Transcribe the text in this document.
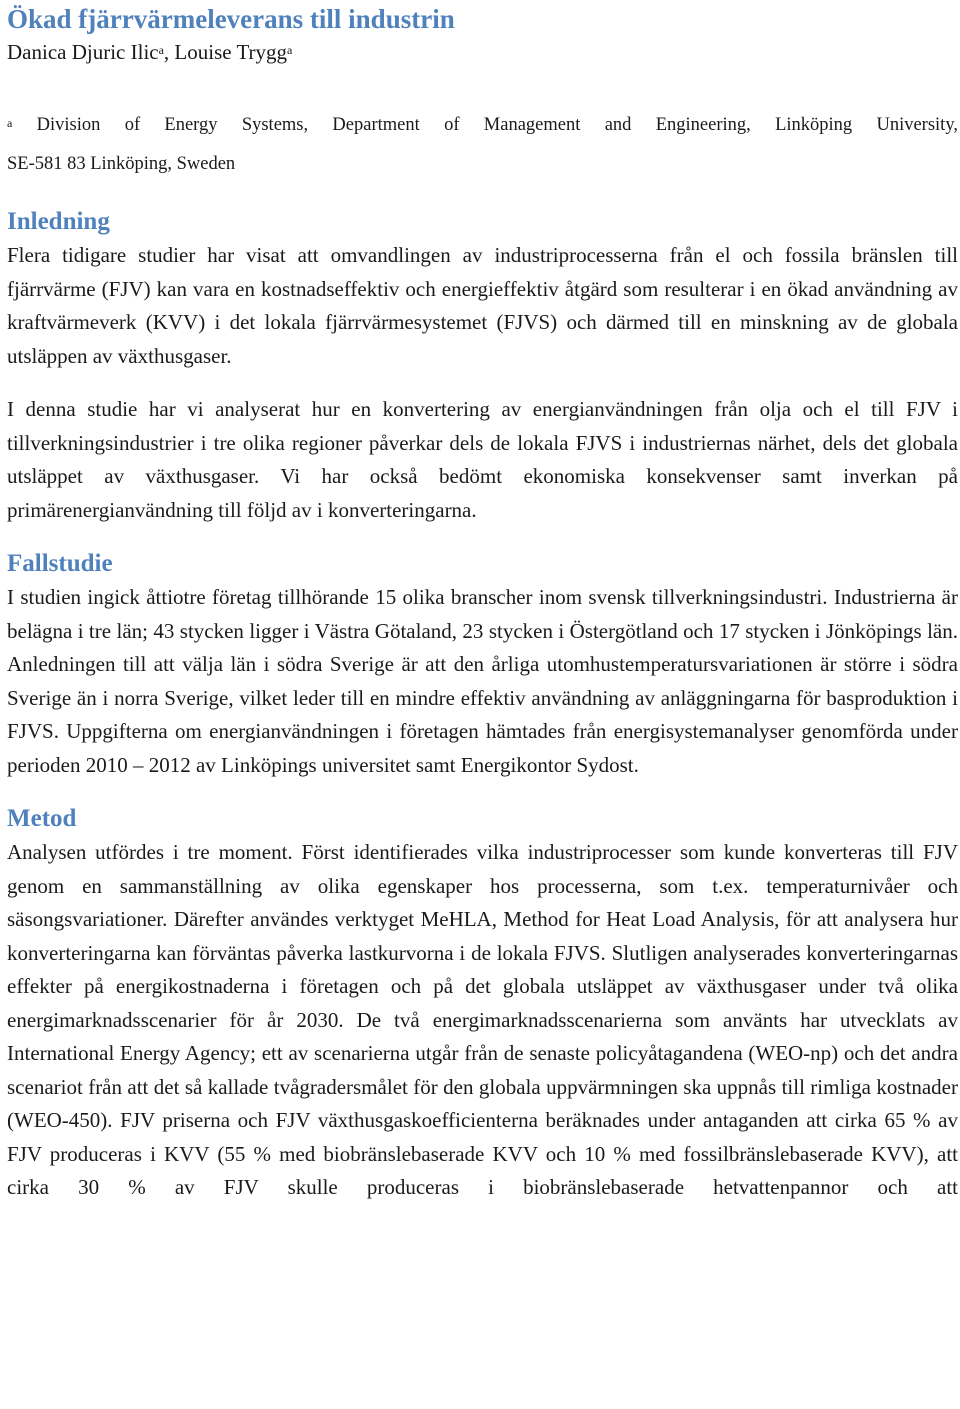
Ökad fjärrvärmeleverans till industrin

Danica Djuric Ilic$^a$, Louise Trygg$^a$

$^a$ Division of Energy Systems, Department of Management and Engineering, Linköping University,

SE-581 83 Linköping, Sweden

Inledning

Flera tidigare studier har visat att omvandlingen av industriprocesserna från el och fossila bränslen till fjärrvärme (FJV) kan vara en kostnadseffektiv och energieffektiv åtgärd som resulterar i en ökad användning av kraftvärmeverk (KVV) i det lokala fjärrvärmesystemet (FJVS) och därmed till en minskning av de globala utsläppen av växthusgaser.

I denna studie har vi analyserat hur en konvertering av energianvändningen från olja och el till FJV i tillverkningsindustrier i tre olika regioner påverkar dels de lokala FJVS i industriernas närhet, dels det globala utsläppet av växthusgaser. Vi har också bedömt ekonomiska konsekvenser samt inverkan på primärenergianvändning till följd av i konverteringarna.

Fallstudie

I studien ingick åttiotre företag tillhörande 15 olika branscher inom svensk tillverkningsindustri. Industrierna är belägna i tre län; 43 stycken ligger i Västra Götaland, 23 stycken i Östergötland och 17 stycken i Jönköpings län. Anledningen till att välja län i södra Sverige är att den årliga utomhustemperatursvariationen är större i södra Sverige än i norra Sverige, vilket leder till en mindre effektiv användning av anläggningarna för basproduktion i FJVS. Uppgifterna om energianvändningen i företagen hämtades från energisystemanalyser genomförda under perioden 2010 – 2012 av Linköpings universitet samt Energikontor Sydost.

Metod

Analysen utfördes i tre moment. Först identifierades vilka industriprocesser som kunde konverteras till FJV genom en sammanställning av olika egenskaper hos processerna, som t.ex. temperaturnivåer och säsongsvariationer. Därefter användes verktyget MeHLA, Method for Heat Load Analysis, för att analysera hur konverteringarna kan förväntas påverka lastkurvorna i de lokala FJVS. Slutligen analyserades konverteringarnas effekter på energikostnaderna i företagen och på det globala utsläppet av växthusgaser under två olika energimarknadsscenarier för år 2030. De två energimarknadsscenarierna som använts har utvecklats av International Energy Agency; ett av scenarierna utgår från de senaste policyåtagandena (WEO-np) och det andra scenariot från att det så kallade tvågradersmålet för den globala uppvärmningen ska uppnås till rimliga kostnader (WEO-450). FJV priserna och FJV växthusgaskoefficienterna beräknades under antaganden att cirka 65 % av FJV produceras i KVV (55 % med biobränslebaserade KVV och 10 % med fossilbränslebaserade KVV), att cirka 30 % av FJV skulle produceras i biobränslebaserade hetvattenpannor och att
